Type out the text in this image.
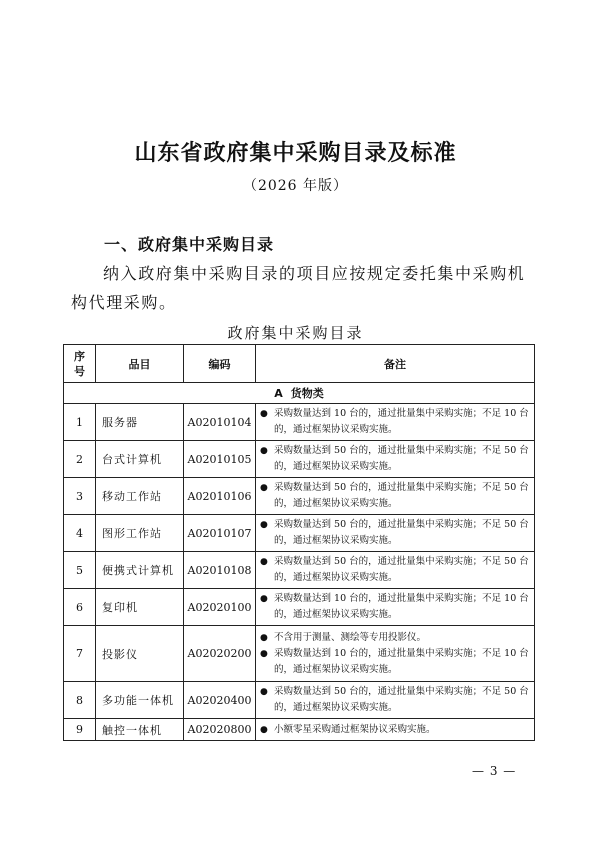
山东省政府集中采购目录及标准
（2026 年版）
一、政府集中采购目录
纳入政府集中采购目录的项目应按规定委托集中采购机构代理采购。
政府集中采购目录
序
号	品目	编码	备注
A 货物类			
1	服务器	A02010104	● 采购数量达到 10 台的，通过批量集中采购实施；不足 10 台的，通过框架协议采购实施。

2	台式计算机	A02010105	● 采购数量达到 50 台的，通过批量集中采购实施；不足 50 台的，通过框架协议采购实施。

3	移动工作站	A02010106	● 采购数量达到 50 台的，通过批量集中采购实施；不足 50 台的，通过框架协议采购实施。

4	图形工作站	A02010107	● 采购数量达到 50 台的，通过批量集中采购实施；不足 50 台的，通过框架协议采购实施。

5	便携式计算机	A02010108	● 采购数量达到 50 台的，通过批量集中采购实施；不足 50 台的，通过框架协议采购实施。

6	复印机	A02020100	● 采购数量达到 10 台的，通过批量集中采购实施；不足 10 台的，通过框架协议采购实施。

7	投影仪	A02020200	● 不含用于测量、测绘等专用投影仪。
● 采购数量达到 10 台的，通过批量集中采购实施；不足 10 台的，通过框架协议采购实施。

8	多功能一体机	A02020400	● 采购数量达到 50 台的，通过批量集中采购实施；不足 50 台的，通过框架协议采购实施。

9	触控一体机	A02020800	● 小额零星采购通过框架协议采购实施。
— 3 —
